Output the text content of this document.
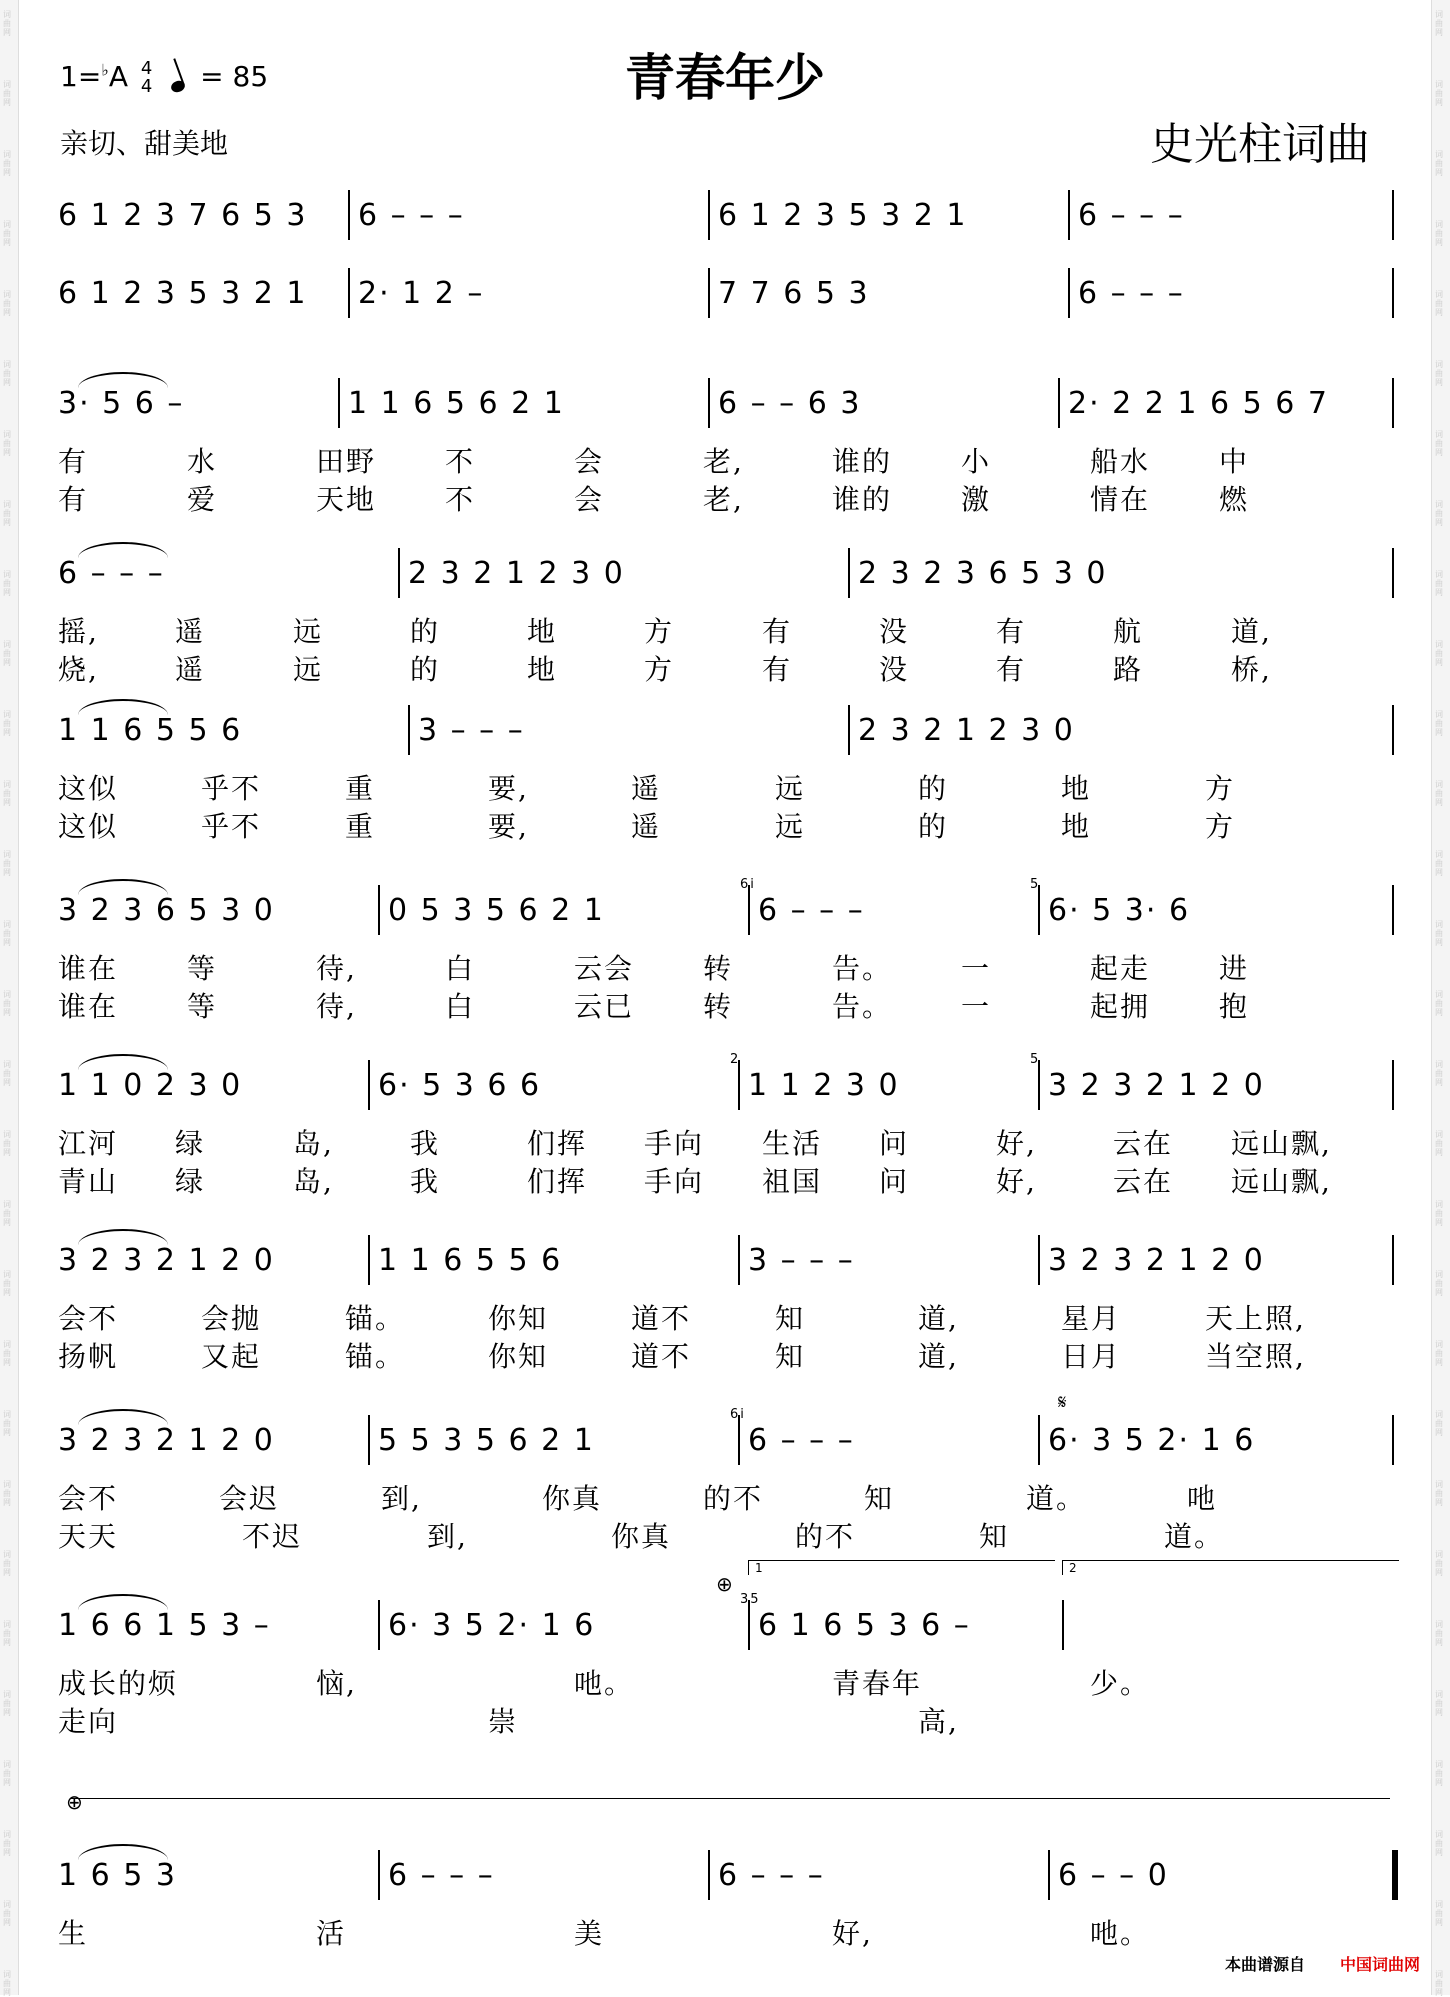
词曲网
词曲网
词曲网
词曲网
词曲网
词曲网
词曲网
词曲网
词曲网
词曲网
词曲网
词曲网
词曲网
词曲网
词曲网
词曲网
词曲网
词曲网
词曲网
词曲网
词曲网
词曲网
词曲网
词曲网
词曲网
词曲网
词曲网
词曲网
词曲网
词曲网
词曲网
词曲网
词曲网
词曲网
词曲网
词曲网
词曲网
词曲网
词曲网
词曲网
词曲网
词曲网
词曲网
词曲网
词曲网
词曲网
词曲网
词曲网
词曲网
词曲网
词曲网
词曲网
词曲网
词曲网
词曲网
词曲网
词曲网
词曲网
1=♭A 4
4 = 85	青春年少
亲切、甜美地	史光柱词曲
6 1 2 3 7 6 5 3 6 – – –	6 1 2 3 5 3 2 1	6 – – –
6 1 2 3 5 3 2 1 2· 1 2 –	7 7 6 5 3	6 – – –
3· 5 6 –	1 1 6 5 6 2 1	6 – – 6 3	2· 2 2 1 6 5 6 7
有	水	田野 不	会	老,	谁的 小	船水 中
有	爱	天地 不	会	老,	谁的 激	情在 燃
6 – – –	2 3 2 1 2 3 0	2 3 2 3 6 5 3 0
摇,	遥	远	的	地	方	有	没	有	航	道,
烧,	遥	远	的	地	方	有	没	有	路	桥,
1 1 6 5 5 6	3 – – –	2 3 2 1 2 3 0
这似	乎不	重	要,	遥	远	的	地	方
这似	乎不	重	要,	遥	远	的	地	方
3 2 3 6 5 3 0	0 5 3 5 6 2 1	6 – – –	6· 5 3· 6
6i	5
谁在 等	待,	白	云会 转	告。 一	起走 进
谁在 等	待,	白	云已 转	告。 一	起拥 抱
1 1 0 2 3 0	6· 5 3 6 6	1 1 2 3 0	3 2 3 2 1 2 0
2	5
江河 绿	岛,	我	们挥 手向 生活 问	好,	云在 远山飘,
青山 绿	岛,	我	们挥 手向 祖国 问	好,	云在 远山飘,
3 2 3 2 1 2 0	1 1 6 5 5 6	3 – – –	3 2 3 2 1 2 0
会不	会抛	锚。	你知	道不	知	道,	星月	天上照,
扬帆	又起	锚。	你知	道不	知	道,	日月	当空照,
3 2 3 2 1 2 0	5 5 3 5 6 2 1	6 – – –	6· 3 5 2· 1 6
6i
会不	会迟	到,	你真	的不	知	道。	吔
天天	不迟	到,	你真	的不	知	道。
1 6 6 1 5 3 –	6· 3 5 2· 1 6	6 1 6 5 3 6 –
35
1	2
成长的烦	恼,	吔。	青春年	少。
走向	崇	高,
1 6 5 3	6 – – –	6 – – –	6 – – 0
生	活	美	好,	吔。
本曲谱源自 中国词曲网
𝄋
⊕
⊕
